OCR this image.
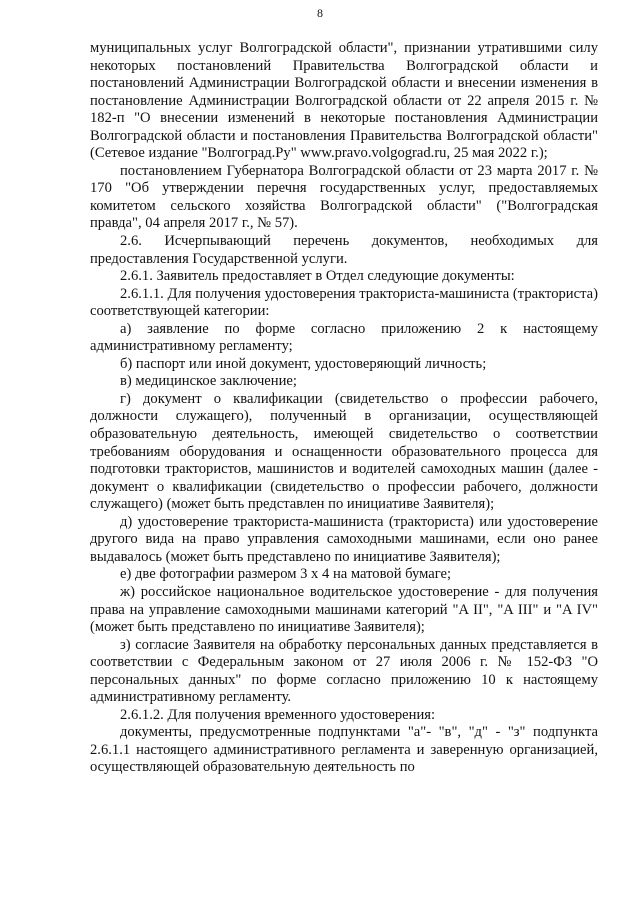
8

муниципальных услуг Волгоградской области", признании утратившими силу некоторых постановлений Правительства Волгоградской области и постановлений Администрации Волгоградской области и внесении изменения в постановление Администрации Волгоградской области от 22 апреля 2015 г. № 182-п "О внесении изменений в некоторые постановления Администрации Волгоградской области и постановления Правительства Волгоградской области" (Сетевое издание "Волгоград.Ру" www.pravo.volgograd.ru, 25 мая 2022 г.);

постановлением Губернатора Волгоградской области от 23 марта 2017 г. № 170 "Об утверждении перечня государственных услуг, предоставляемых комитетом сельского хозяйства Волгоградской области" ("Волгоградская правда", 04 апреля 2017 г., № 57).

2.6. Исчерпывающий перечень документов, необходимых для предоставления Государственной услуги.

2.6.1. Заявитель предоставляет в Отдел следующие документы:

2.6.1.1. Для получения удостоверения тракториста-машиниста (тракториста) соответствующей категории:

а) заявление по форме согласно приложению 2 к настоящему административному регламенту;

б) паспорт или иной документ, удостоверяющий личность;

в) медицинское заключение;

г) документ о квалификации (свидетельство о профессии рабочего, должности служащего), полученный в организации, осуществляющей образовательную деятельность, имеющей свидетельство о соответствии требованиям оборудования и оснащенности образовательного процесса для подготовки трактористов, машинистов и водителей самоходных машин (далее - документ о квалификации (свидетельство о профессии рабочего, должности служащего) (может быть представлен по инициативе Заявителя);

д) удостоверение тракториста-машиниста (тракториста) или удостоверение другого вида на право управления самоходными машинами, если оно ранее выдавалось (может быть представлено по инициативе Заявителя);

е) две фотографии размером 3 х 4 на матовой бумаге;

ж) российское национальное водительское удостоверение - для получения права на управление самоходными машинами категорий "A II", "A III" и "A IV" (может быть представлено по инициативе Заявителя);

з) согласие Заявителя на обработку персональных данных представляется в соответствии с Федеральным законом от 27 июля 2006 г. № 152-ФЗ "О персональных данных" по форме согласно приложению 10 к настоящему административному регламенту.

2.6.1.2. Для получения временного удостоверения:

документы, предусмотренные подпунктами "а"- "в", "д" - "з" подпункта 2.6.1.1 настоящего административного регламента и заверенную организацией, осуществляющей образовательную деятельность по
